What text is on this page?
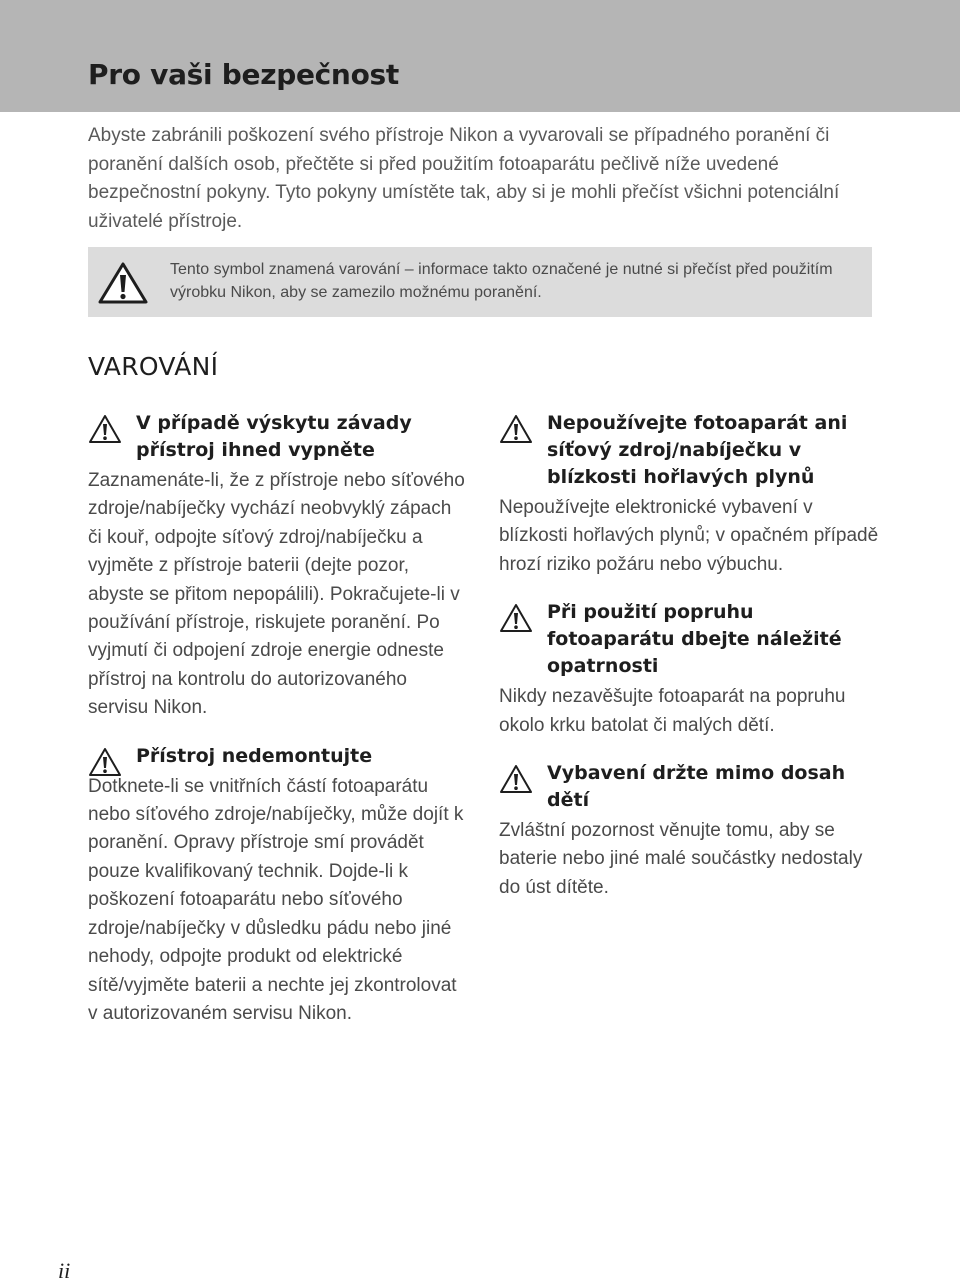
Pro vaši bezpečnost

Abyste zabránili poškození svého přístroje Nikon a vyvarovali se případného poranění či poranění dalších osob, přečtěte si před použitím fotoaparátu pečlivě níže uvedené bezpečnostní pokyny. Tyto pokyny umístěte tak, aby si je mohli přečíst všichni potenciální uživatelé přístroje.

Tento symbol znamená varování – informace takto označené je nutné si přečíst před použitím výrobku Nikon, aby se zamezilo možnému poranění.

VAROVÁNÍ
V případě výskytu závady přístroj ihned vypněte

Zaznamenáte-li, že z přístroje nebo síťového zdroje/nabíječky vychází neobvyklý zápach či kouř, odpojte síťový zdroj/nabíječku a vyjměte z přístroje baterii (dejte pozor, abyste se přitom nepopálili). Pokračujete-li v používání přístroje, riskujete poranění. Po vyjmutí či odpojení zdroje energie odneste přístroj na kontrolu do autorizovaného servisu Nikon.

Přístroj nedemontujte

Dotknete-li se vnitřních částí fotoaparátu nebo síťového zdroje/nabíječky, může dojít k poranění. Opravy přístroje smí provádět pouze kvalifikovaný technik. Dojde-li k poškození fotoaparátu nebo síťového zdroje/nabíječky v důsledku pádu nebo jiné nehody, odpojte produkt od elektrické sítě/vyjměte baterii a nechte jej zkontrolovat v autorizovaném servisu Nikon.

Nepoužívejte fotoaparát ani síťový zdroj/nabíječku v blízkosti hořlavých plynů

Nepoužívejte elektronické vybavení v blízkosti hořlavých plynů; v opačném případě hrozí riziko požáru nebo výbuchu.

Při použití popruhu fotoaparátu dbejte náležité opatrnosti

Nikdy nezavěšujte fotoaparát na popruhu okolo krku batolat či malých dětí.

Vybavení držte mimo dosah dětí

Zvláštní pozornost věnujte tomu, aby se baterie nebo jiné malé součástky nedostaly do úst dítěte.

ii
